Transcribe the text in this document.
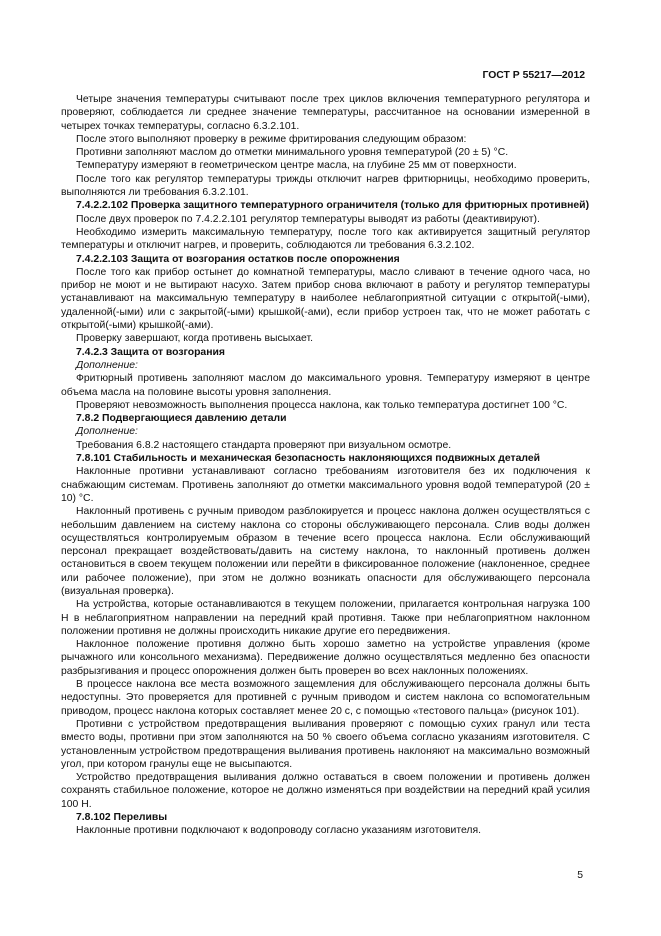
ГОСТ Р 55217—2012

Четыре значения температуры считывают после трех циклов включения температурного регулятора и проверяют, соблюдается ли среднее значение температуры, рассчитанное на основании измеренной в четырех точках температуры, согласно 6.3.2.101.

После этого выполняют проверку в режиме фритирования следующим образом:

Противни заполняют маслом до отметки минимального уровня температурой (20 ± 5) °С.

Температуру измеряют в геометрическом центре масла, на глубине 25 мм от поверхности.

После того как регулятор температуры трижды отключит нагрев фритюрницы, необходимо проверить, выполняются ли требования 6.3.2.101.

7.4.2.2.102 Проверка защитного температурного ограничителя (только для фритюрных противней)

После двух проверок по 7.4.2.2.101 регулятор температуры выводят из работы (деактивируют).

Необходимо измерить максимальную температуру, после того как активируется защитный регулятор температуры и отключит нагрев, и проверить, соблюдаются ли требования 6.3.2.102.

7.4.2.2.103 Защита от возгорания остатков после опорожнения

После того как прибор остынет до комнатной температуры, масло сливают в течение одного часа, но прибор не моют и не вытирают насухо. Затем прибор снова включают в работу и регулятор температуры устанавливают на максимальную температуру в наиболее неблагоприятной ситуации с открытой(-ыми), удаленной(-ыми) или с закрытой(-ыми) крышкой(-ами), если прибор устроен так, что не может работать с открытой(-ыми) крышкой(-ами).

Проверку завершают, когда противень высыхает.

7.4.2.3 Защита от возгорания

Дополнение:

Фритюрный противень заполняют маслом до максимального уровня. Температуру измеряют в центре объема масла на половине высоты уровня заполнения.

Проверяют невозможность выполнения процесса наклона, как только температура достигнет 100 °С.

7.8.2 Подвергающиеся давлению детали

Дополнение:

Требования 6.8.2 настоящего стандарта проверяют при визуальном осмотре.

7.8.101 Стабильность и механическая безопасность наклоняющихся подвижных деталей

Наклонные противни устанавливают согласно требованиям изготовителя без их подключения к снабжающим системам. Противень заполняют до отметки максимального уровня водой температурой (20 ± 10) °С.

Наклонный противень с ручным приводом разблокируется и процесс наклона должен осуществляться с небольшим давлением на систему наклона со стороны обслуживающего персонала. Слив воды должен осуществляться контролируемым образом в течение всего процесса наклона. Если обслуживающий персонал прекращает воздействовать/давить на систему наклона, то наклонный противень должен остановиться в своем текущем положении или перейти в фиксированное положение (наклоненное, среднее или рабочее положение), при этом не должно возникать опасности для обслуживающего персонала (визуальная проверка).

На устройства, которые останавливаются в текущем положении, прилагается контрольная нагрузка 100 Н в неблагоприятном направлении на передний край противня. Также при неблагоприятном наклонном положении противня не должны происходить никакие другие его передвижения.

Наклонное положение противня должно быть хорошо заметно на устройстве управления (кроме рычажного или консольного механизма). Передвижение должно осуществляться медленно без опасности разбрызгивания и процесс опорожнения должен быть проверен во всех наклонных положениях.

В процессе наклона все места возможного защемления для обслуживающего персонала должны быть недоступны. Это проверяется для противней с ручным приводом и систем наклона со вспомогательным приводом, процесс наклона которых составляет менее 20 с, с помощью «тестового пальца» (рисунок 101).

Противни с устройством предотвращения выливания проверяют с помощью сухих гранул или теста вместо воды, противни при этом заполняются на 50 % своего объема согласно указаниям изготовителя. С установленным устройством предотвращения выливания противень наклоняют на максимально возможный угол, при котором гранулы еще не высыпаются.

Устройство предотвращения выливания должно оставаться в своем положении и противень должен сохранять стабильное положение, которое не должно изменяться при воздействии на передний край усилия 100 Н.

7.8.102 Переливы

Наклонные противни подключают к водопроводу согласно указаниям изготовителя.

5
